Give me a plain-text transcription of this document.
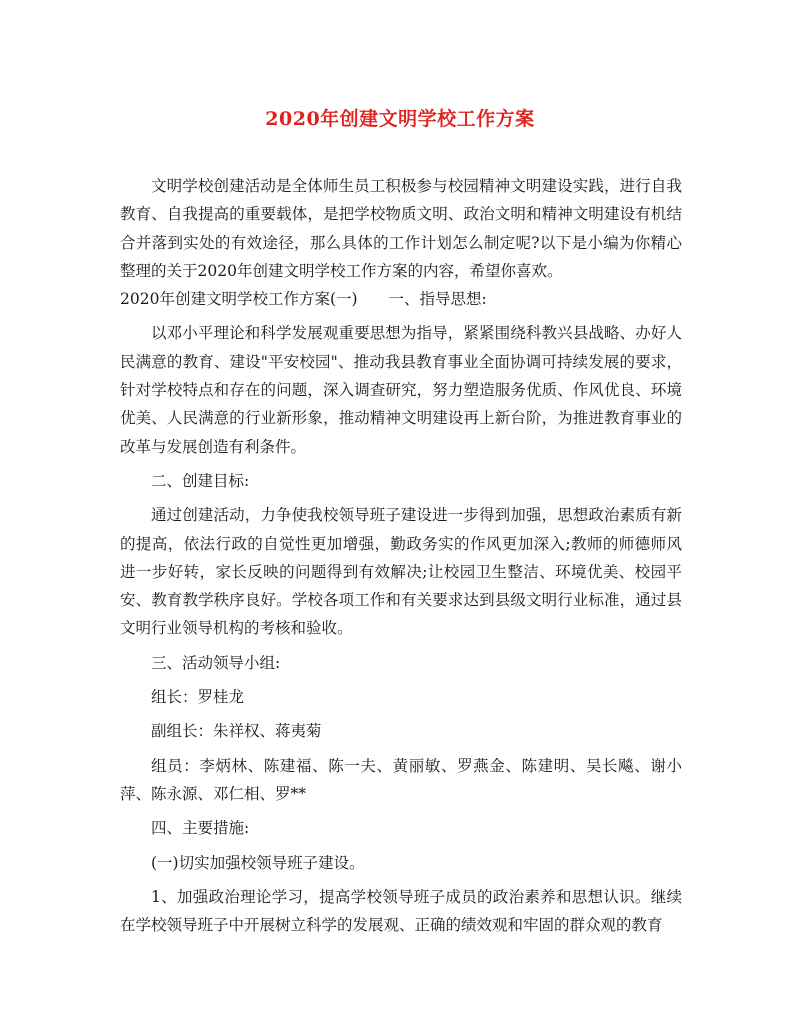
2020年创建文明学校工作方案

文明学校创建活动是全体师生员工积极参与校园精神文明建设实践，进行自我教育、自我提高的重要载体，是把学校物质文明、政治文明和精神文明建设有机结合并落到实处的有效途径，那么具体的工作计划怎么制定呢?以下是小编为你精心整理的关于2020年创建文明学校工作方案的内容，希望你喜欢。

2020年创建文明学校工作方案(一)　　一、指导思想:

以邓小平理论和科学发展观重要思想为指导，紧紧围绕科教兴县战略、办好人民满意的教育、建设"平安校园"、推动我县教育事业全面协调可持续发展的要求，针对学校特点和存在的问题，深入调查研究，努力塑造服务优质、作风优良、环境优美、人民满意的行业新形象，推动精神文明建设再上新台阶，为推进教育事业的改革与发展创造有利条件。

二、创建目标:

通过创建活动，力争使我校领导班子建设进一步得到加强，思想政治素质有新的提高，依法行政的自觉性更加增强，勤政务实的作风更加深入;教师的师德师风进一步好转，家长反映的问题得到有效解决;让校园卫生整洁、环境优美、校园平安、教育教学秩序良好。学校各项工作和有关要求达到县级文明行业标准，通过县文明行业领导机构的考核和验收。

三、活动领导小组:

组长：罗桂龙

副组长：朱祥权、蒋夷菊

组员：李炳林、陈建福、陈一夫、黄丽敏、罗燕金、陈建明、吴长飚、谢小萍、陈永源、邓仁相、罗**

四、主要措施:

(一)切实加强校领导班子建设。

1、加强政治理论学习，提高学校领导班子成员的政治素养和思想认识。继续在学校领导班子中开展树立科学的发展观、正确的绩效观和牢固的群众观的教育
